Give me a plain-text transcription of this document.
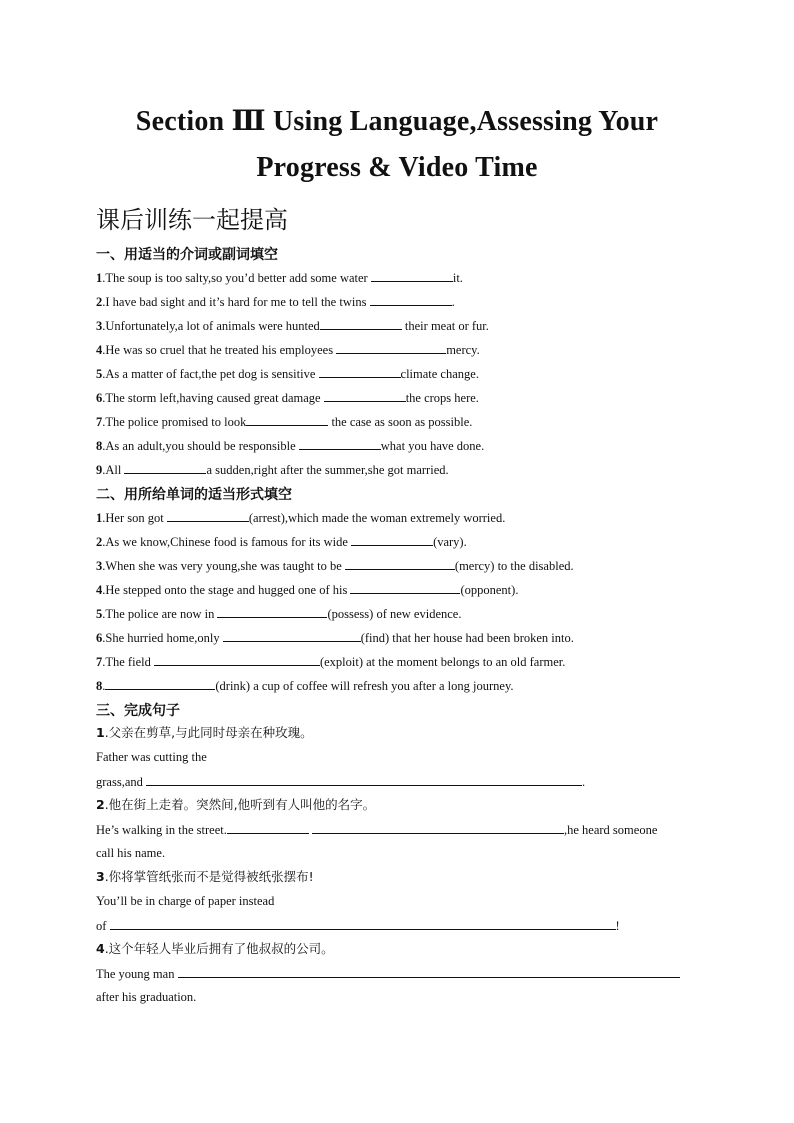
Section Ⅲ Using Language,Assessing Your
Progress & Video Time
课后训练一起提高
一、用适当的介词或副词填空
1.The soup is too salty,so you’d better add some water	it.
2.I have bad sight and it’s hard for me to tell the twins	.
3.Unfortunately,a lot of animals were hunted	their meat or fur.
4.He was so cruel that he treated his employees	mercy.
5.As a matter of fact,the pet dog is sensitive	climate change.
6.The storm left,having caused great damage	the crops here.
7.The police promised to look	the case as soon as possible.
8.As an adult,you should be responsible	what you have done.
9.All	a sudden,right after the summer,she got married.
二、用所给单词的适当形式填空
1.Her son got	(arrest),which made the woman extremely worried.
2.As we know,Chinese food is famous for its wide	(vary).
3.When she was very young,she was taught to be	(mercy) to the disabled.
4.He stepped onto the stage and hugged one of his	(opponent).
5.The police are now in	(possess) of new evidence.
6.She hurried home,only	(find) that her house had been broken into.
7.The field	(exploit) at the moment belongs to an old farmer.
8.	(drink) a cup of coffee will refresh you after a long journey.
三、完成句子
1.父亲在剪草,与此同时母亲在种玫瑰。
Father was cutting the
grass,and	.
2.他在街上走着。突然间,他听到有人叫他的名字。
He’s walking in the street.	,he heard someone
call his name.
3.你将掌管纸张而不是觉得被纸张摆布!
You’ll be in charge of paper instead
of	!
4.这个年轻人毕业后拥有了他叔叔的公司。
The young man
after his graduation.
